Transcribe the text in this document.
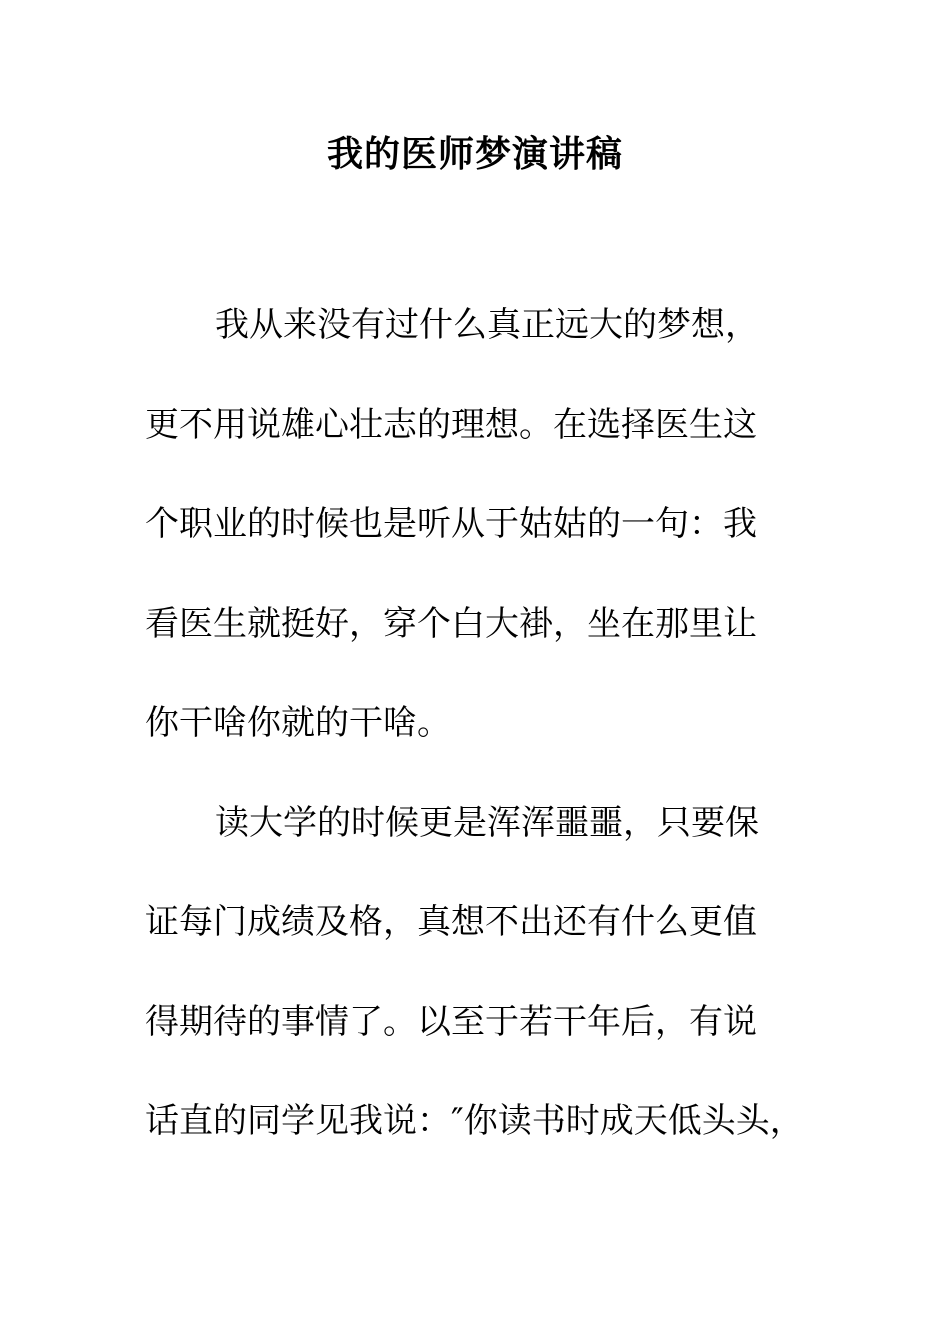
我的医师梦演讲稿

我从来没有过什么真正远大的梦想，

更不用说雄心壮志的理想。在选择医生这

个职业的时候也是听从于姑姑的一句：我

看医生就挺好，穿个白大褂，坐在那里让

你干啥你就的干啥。

读大学的时候更是浑浑噩噩，只要保

证每门成绩及格，真想不出还有什么更值

得期待的事情了。以至于若干年后，有说

话直的同学见我说：″你读书时成天低头头，
